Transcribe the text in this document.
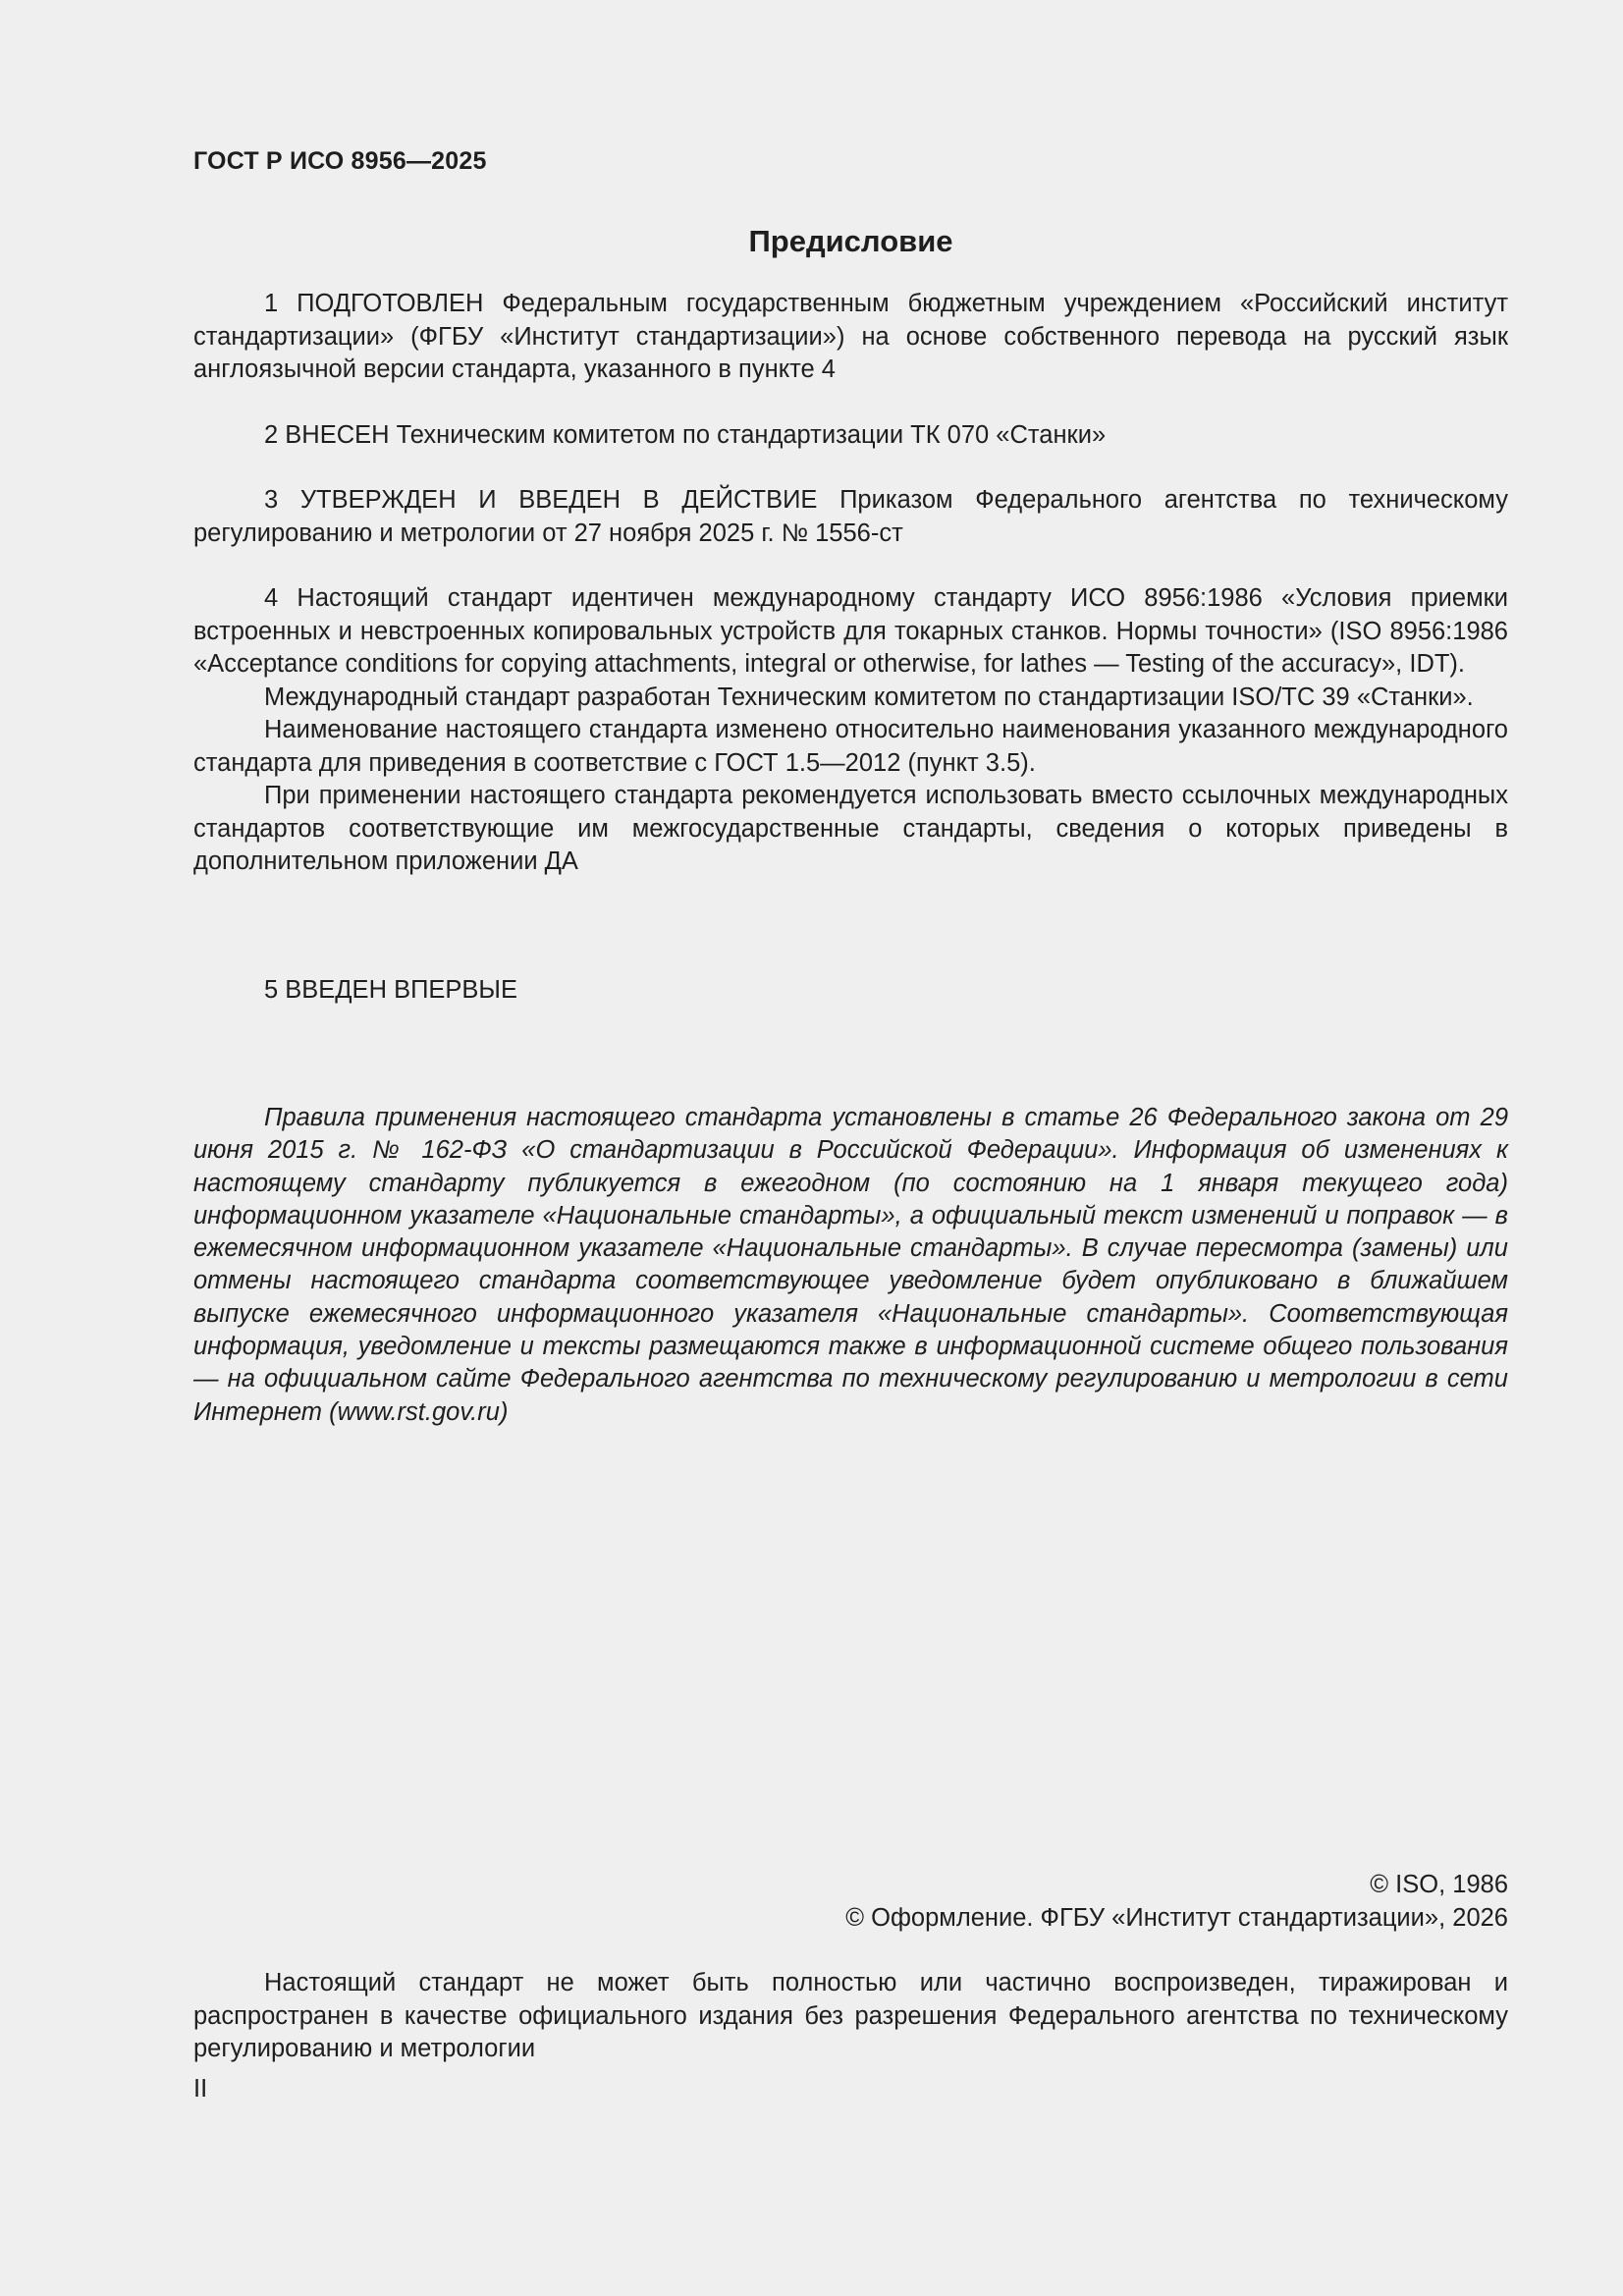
ГОСТ Р ИСО 8956—2025
Предисловие

1 ПОДГОТОВЛЕН Федеральным государственным бюджетным учреждением «Российский институт стандартизации» (ФГБУ «Институт стандартизации») на основе собственного перевода на русский язык англоязычной версии стандарта, указанного в пункте 4

2 ВНЕСЕН Техническим комитетом по стандартизации ТК 070 «Станки»

3 УТВЕРЖДЕН И ВВЕДЕН В ДЕЙСТВИЕ Приказом Федерального агентства по техническому регулированию и метрологии от 27 ноября 2025 г. № 1556-ст

4 Настоящий стандарт идентичен международному стандарту ИСО 8956:1986 «Условия приемки встроенных и невстроенных копировальных устройств для токарных станков. Нормы точности» (ISO 8956:1986 «Acceptance conditions for copying attachments, integral or otherwise, for lathes — Testing of the accuracy», IDT).

Международный стандарт разработан Техническим комитетом по стандартизации ISO/TC 39 «Станки».

Наименование настоящего стандарта изменено относительно наименования указанного международного стандарта для приведения в соответствие с ГОСТ 1.5—2012 (пункт 3.5).

При применении настоящего стандарта рекомендуется использовать вместо ссылочных международных стандартов соответствующие им межгосударственные стандарты, сведения о которых приведены в дополнительном приложении ДА

5 ВВЕДЕН ВПЕРВЫЕ

Правила применения настоящего стандарта установлены в статье 26 Федерального закона от 29 июня 2015 г. № 162-ФЗ «О стандартизации в Российской Федерации». Информация об изменениях к настоящему стандарту публикуется в ежегодном (по состоянию на 1 января текущего года) информационном указателе «Национальные стандарты», а официальный текст изменений и поправок — в ежемесячном информационном указателе «Национальные стандарты». В случае пересмотра (замены) или отмены настоящего стандарта соответствующее уведомление будет опубликовано в ближайшем выпуске ежемесячного информационного указателя «Национальные стандарты». Соответствующая информация, уведомление и тексты размещаются также в информационной системе общего пользования — на официальном сайте Федерального агентства по техническому регулированию и метрологии в сети Интернет (www.rst.gov.ru)

© ISO, 1986
© Оформление. ФГБУ «Институт стандартизации», 2026

Настоящий стандарт не может быть полностью или частично воспроизведен, тиражирован и распространен в качестве официального издания без разрешения Федерального агентства по техническому регулированию и метрологии

II
